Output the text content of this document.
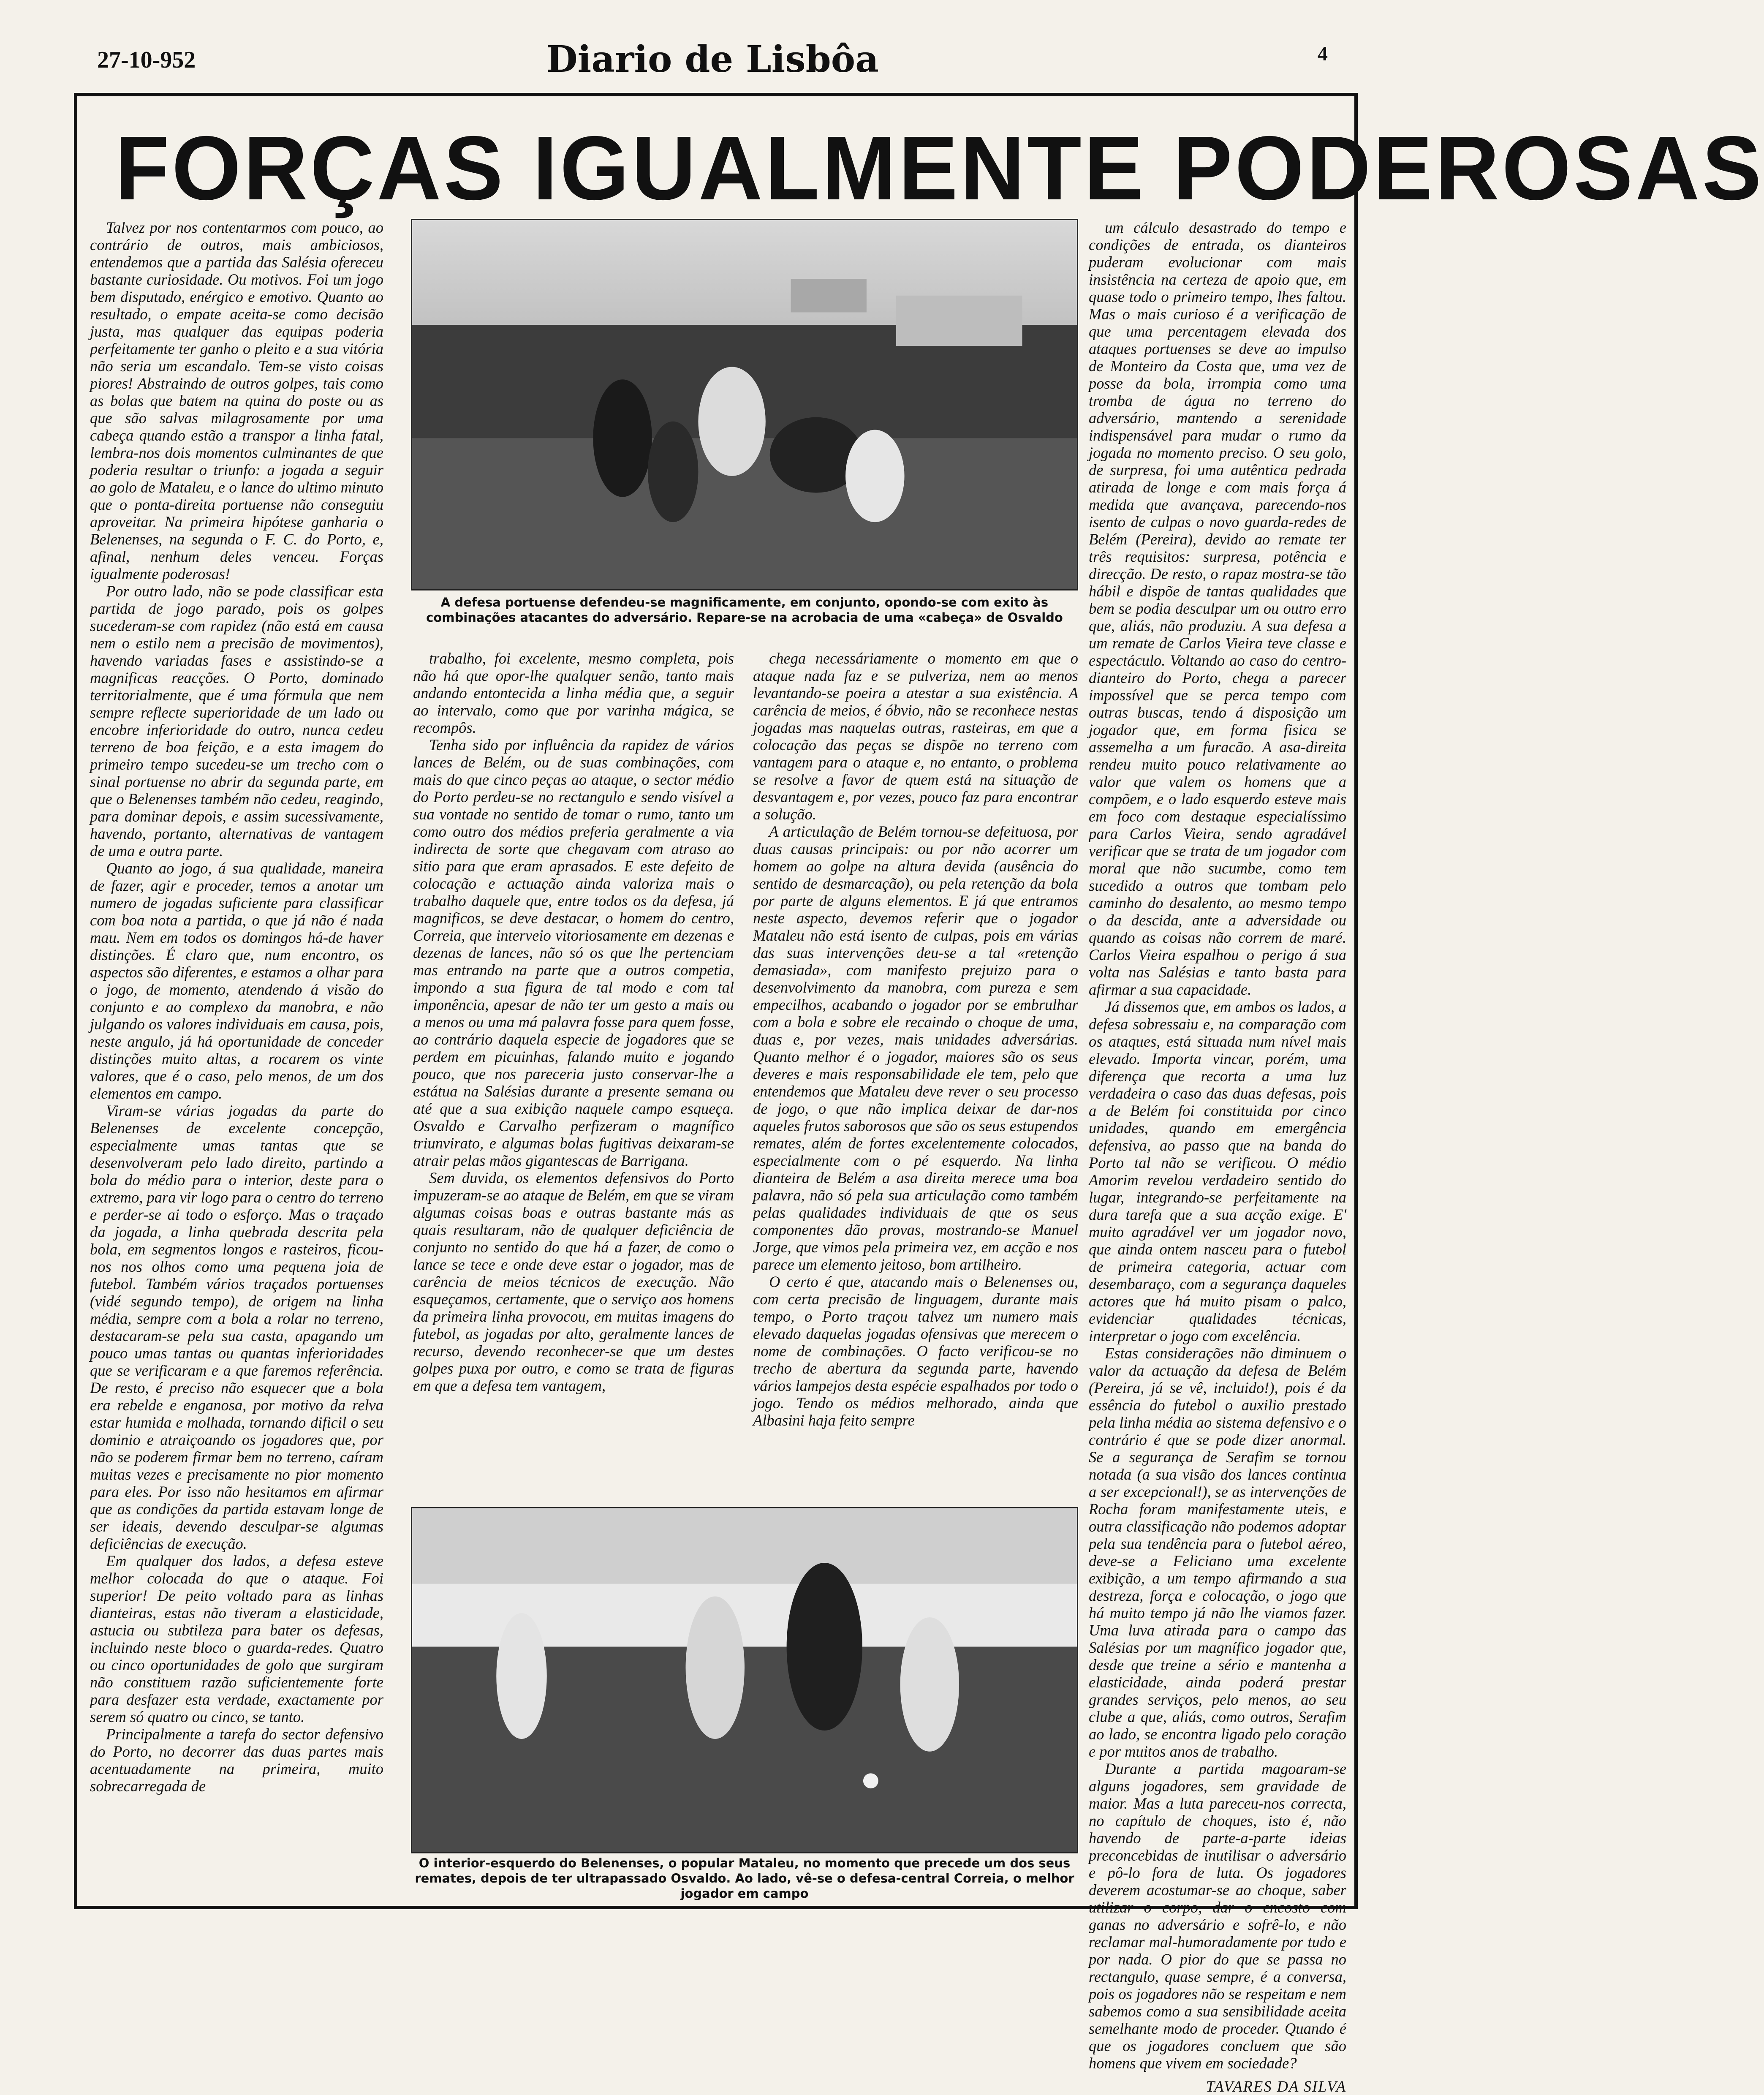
27-10-952	Diario de Lisbôa	4
FORÇAS IGUALMENTE PODEROSAS

Talvez por nos contentarmos com pouco, ao contrário de outros, mais ambiciosos, entendemos que a partida das Salésia ofereceu bastante curiosidade. Ou motivos. Foi um jogo bem disputado, enérgico e emotivo. Quanto ao resultado, o empate aceita-se como decisão justa, mas qualquer das equipas poderia perfeitamente ter ganho o pleito e a sua vitória não seria um escandalo. Tem-se visto coisas piores! Abstraindo de outros golpes, tais como as bolas que batem na quina do poste ou as que são salvas milagrosamente por uma cabeça quando estão a transpor a linha fatal, lembra-nos dois momentos culminantes de que poderia resultar o triunfo: a jogada a seguir ao golo de Mataleu, e o lance do ultimo minuto que o ponta-direita portuense não conseguiu aproveitar. Na primeira hipótese ganharia o Belenenses, na segunda o F. C. do Porto, e, afinal, nenhum deles venceu. Forças igualmente poderosas!

Por outro lado, não se pode classificar esta partida de jogo parado, pois os golpes sucederam-se com rapidez (não está em causa nem o estilo nem a precisão de movimentos), havendo variadas fases e assistindo-se a magnificas reacções. O Porto, dominado territorialmente, que é uma fórmula que nem sempre reflecte superioridade de um lado ou encobre inferioridade do outro, nunca cedeu terreno de boa feição, e a esta imagem do primeiro tempo sucedeu-se um trecho com o sinal portuense no abrir da segunda parte, em que o Belenenses também não cedeu, reagindo, para dominar depois, e assim sucessivamente, havendo, portanto, alternativas de vantagem de uma e outra parte.

Quanto ao jogo, á sua qualidade, maneira de fazer, agir e proceder, temos a anotar um numero de jogadas suficiente para classificar com boa nota a partida, o que já não é nada mau. Nem em todos os domingos há-de haver distinções. É claro que, num encontro, os aspectos são diferentes, e estamos a olhar para o jogo, de momento, atendendo á visão do conjunto e ao complexo da manobra, e não julgando os valores individuais em causa, pois, neste angulo, já há oportunidade de conceder distinções muito altas, a rocarem os vinte valores, que é o caso, pelo menos, de um dos elementos em campo.

Viram-se várias jogadas da parte do Belenenses de excelente concepção, especialmente umas tantas que se desenvolveram pelo lado direito, partindo a bola do médio para o interior, deste para o extremo, para vir logo para o centro do terreno e perder-se ai todo o esforço. Mas o traçado da jogada, a linha quebrada descrita pela bola, em segmentos longos e rasteiros, ficou-nos nos olhos como uma pequena joia de futebol. Também vários traçados portuenses (vidé segundo tempo), de origem na linha média, sempre com a bola a rolar no terreno, destacaram-se pela sua casta, apagando um pouco umas tantas ou quantas inferioridades que se verificaram e a que faremos referência. De resto, é preciso não esquecer que a bola era rebelde e enganosa, por motivo da relva estar humida e molhada, tornando dificil o seu dominio e atraiçoando os jogadores que, por não se poderem firmar bem no terreno, caíram muitas vezes e precisamente no pior momento para eles. Por isso não hesitamos em afirmar que as condições da partida estavam longe de ser ideais, devendo desculpar-se algumas deficiências de execução.

Em qualquer dos lados, a defesa esteve melhor colocada do que o ataque. Foi superior! De peito voltado para as linhas dianteiras, estas não tiveram a elasticidade, astucia ou subtileza para bater os defesas, incluindo neste bloco o guarda-redes. Quatro ou cinco oportunidades de golo que surgiram não constituem razão suficientemente forte para desfazer esta verdade, exactamente por serem só quatro ou cinco, se tanto.

Principalmente a tarefa do sector defensivo do Porto, no decorrer das duas partes mais acentuadamente na primeira, muito sobrecarregada de

A defesa portuense defendeu-se magnificamente, em conjunto, opondo-se com exito às combinações atacantes do adversário. Repare-se na acrobacia de uma «cabeça» de Osvaldo

trabalho, foi excelente, mesmo completa, pois não há que opor-lhe qualquer senão, tanto mais andando entontecida a linha média que, a seguir ao intervalo, como que por varinha mágica, se recompôs.

Tenha sido por influência da rapidez de vários lances de Belém, ou de suas combinações, com mais do que cinco peças ao ataque, o sector médio do Porto perdeu-se no rectangulo e sendo visível a sua vontade no sentido de tomar o rumo, tanto um como outro dos médios preferia geralmente a via indirecta de sorte que chegavam com atraso ao sitio para que eram aprasados. E este defeito de colocação e actuação ainda valoriza mais o trabalho daquele que, entre todos os da defesa, já magnificos, se deve destacar, o homem do centro, Correia, que interveio vitoriosamente em dezenas e dezenas de lances, não só os que lhe pertenciam mas entrando na parte que a outros competia, impondo a sua figura de tal modo e com tal imponência, apesar de não ter um gesto a mais ou a menos ou uma má palavra fosse para quem fosse, ao contrário daquela especie de jogadores que se perdem em picuinhas, falando muito e jogando pouco, que nos pareceria justo conservar-lhe a estátua na Salésias durante a presente semana ou até que a sua exibição naquele campo esqueça. Osvaldo e Carvalho perfizeram o magnífico triunvirato, e algumas bolas fugitivas deixaram-se atrair pelas mãos gigantescas de Barrigana.

Sem duvida, os elementos defensivos do Porto impuzeram-se ao ataque de Belém, em que se viram algumas coisas boas e outras bastante más as quais resultaram, não de qualquer deficiência de conjunto no sentido do que há a fazer, de como o lance se tece e onde deve estar o jogador, mas de carência de meios técnicos de execução. Não esqueçamos, certamente, que o serviço aos homens da primeira linha provocou, em muitas imagens do futebol, as jogadas por alto, geralmente lances de recurso, devendo reconhecer-se que um destes golpes puxa por outro, e como se trata de figuras em que a defesa tem vantagem,

chega necessáriamente o momento em que o ataque nada faz e se pulveriza, nem ao menos levantando-se poeira a atestar a sua existência. A carência de meios, é óbvio, não se reconhece nestas jogadas mas naquelas outras, rasteiras, em que a colocação das peças se dispõe no terreno com vantagem para o ataque e, no entanto, o problema se resolve a favor de quem está na situação de desvantagem e, por vezes, pouco faz para encontrar a solução.

A articulação de Belém tornou-se defeituosa, por duas causas principais: ou por não acorrer um homem ao golpe na altura devida (ausência do sentido de desmarcação), ou pela retenção da bola por parte de alguns elementos. E já que entramos neste aspecto, devemos referir que o jogador Mataleu não está isento de culpas, pois em várias das suas intervenções deu-se a tal «retenção demasiada», com manifesto prejuizo para o desenvolvimento da manobra, com pureza e sem empecilhos, acabando o jogador por se embrulhar com a bola e sobre ele recaindo o choque de uma, duas e, por vezes, mais unidades adversárias. Quanto melhor é o jogador, maiores são os seus deveres e mais responsabilidade ele tem, pelo que entendemos que Mataleu deve rever o seu processo de jogo, o que não implica deixar de dar-nos aqueles frutos saborosos que são os seus estupendos remates, além de fortes excelentemente colocados, especialmente com o pé esquerdo. Na linha dianteira de Belém a asa direita merece uma boa palavra, não só pela sua articulação como também pelas qualidades individuais de que os seus componentes dão provas, mostrando-se Manuel Jorge, que vimos pela primeira vez, em acção e nos parece um elemento jeitoso, bom artilheiro.

O certo é que, atacando mais o Belenenses ou, com certa precisão de linguagem, durante mais tempo, o Porto traçou talvez um numero mais elevado daquelas jogadas ofensivas que merecem o nome de combinações. O facto verificou-se no trecho de abertura da segunda parte, havendo vários lampejos desta espécie espalhados por todo o jogo. Tendo os médios melhorado, ainda que Albasini haja feito sempre

O interior-esquerdo do Belenenses, o popular Mataleu, no momento que precede um dos seus remates, depois de ter ultrapassado Osvaldo. Ao lado, vê-se o defesa-central Correia, o melhor jogador em campo

um cálculo desastrado do tempo e condições de entrada, os dianteiros puderam evolucionar com mais insistência na certeza de apoio que, em quase todo o primeiro tempo, lhes faltou. Mas o mais curioso é a verificação de que uma percentagem elevada dos ataques portuenses se deve ao impulso de Monteiro da Costa que, uma vez de posse da bola, irrompia como uma tromba de água no terreno do adversário, mantendo a serenidade indispensável para mudar o rumo da jogada no momento preciso. O seu golo, de surpresa, foi uma autêntica pedrada atirada de longe e com mais força á medida que avançava, parecendo-nos isento de culpas o novo guarda-redes de Belém (Pereira), devido ao remate ter três requisitos: surpresa, potência e direcção. De resto, o rapaz mostra-se tão hábil e dispõe de tantas qualidades que bem se podia desculpar um ou outro erro que, aliás, não produziu. A sua defesa a um remate de Carlos Vieira teve classe e espectáculo. Voltando ao caso do centro-dianteiro do Porto, chega a parecer impossível que se perca tempo com outras buscas, tendo á disposição um jogador que, em forma fisica se assemelha a um furacão. A asa-direita rendeu muito pouco relativamente ao valor que valem os homens que a compõem, e o lado esquerdo esteve mais em foco com destaque especialíssimo para Carlos Vieira, sendo agradável verificar que se trata de um jogador com moral que não sucumbe, como tem sucedido a outros que tombam pelo caminho do desalento, ao mesmo tempo o da descida, ante a adversidade ou quando as coisas não correm de maré. Carlos Vieira espalhou o perigo á sua volta nas Salésias e tanto basta para afirmar a sua capacidade.

Já dissemos que, em ambos os lados, a defesa sobressaiu e, na comparação com os ataques, está situada num nível mais elevado. Importa vincar, porém, uma diferença que recorta a uma luz verdadeira o caso das duas defesas, pois a de Belém foi constituida por cinco unidades, quando em emergência defensiva, ao passo que na banda do Porto tal não se verificou. O médio Amorim revelou verdadeiro sentido do lugar, integrando-se perfeitamente na dura tarefa que a sua acção exige. E' muito agradável ver um jogador novo, que ainda ontem nasceu para o futebol de primeira categoria, actuar com desembaraço, com a segurança daqueles actores que há muito pisam o palco, evidenciar qualidades técnicas, interpretar o jogo com excelência.

Estas considerações não diminuem o valor da actuação da defesa de Belém (Pereira, já se vê, incluido!), pois é da essência do futebol o auxilio prestado pela linha média ao sistema defensivo e o contrário é que se pode dizer anormal. Se a segurança de Serafim se tornou notada (a sua visão dos lances continua a ser excepcional!), se as intervenções de Rocha foram manifestamente uteis, e outra classificação não podemos adoptar pela sua tendência para o futebol aéreo, deve-se a Feliciano uma excelente exibição, a um tempo afirmando a sua destreza, força e colocação, o jogo que há muito tempo já não lhe viamos fazer. Uma luva atirada para o campo das Salésias por um magnífico jogador que, desde que treine a sério e mantenha a elasticidade, ainda poderá prestar grandes serviços, pelo menos, ao seu clube a que, aliás, como outros, Serafim ao lado, se encontra ligado pelo coração e por muitos anos de trabalho.

Durante a partida magoaram-se alguns jogadores, sem gravidade de maior. Mas a luta pareceu-nos correcta, no capítulo de choques, isto é, não havendo de parte-a-parte ideias preconcebidas de inutilisar o adversário e pô-lo fora de luta. Os jogadores deverem acostumar-se ao choque, saber utilizar o corpo, dar o encosto com ganas no adversário e sofrê-lo, e não reclamar mal-humoradamente por tudo e por nada. O pior do que se passa no rectangulo, quase sempre, é a conversa, pois os jogadores não se respeitam e nem sabemos como a sua sensibilidade aceita semelhante modo de proceder. Quando é que os jogadores concluem que são homens que vivem em sociedade?

TAVARES DA SILVA
